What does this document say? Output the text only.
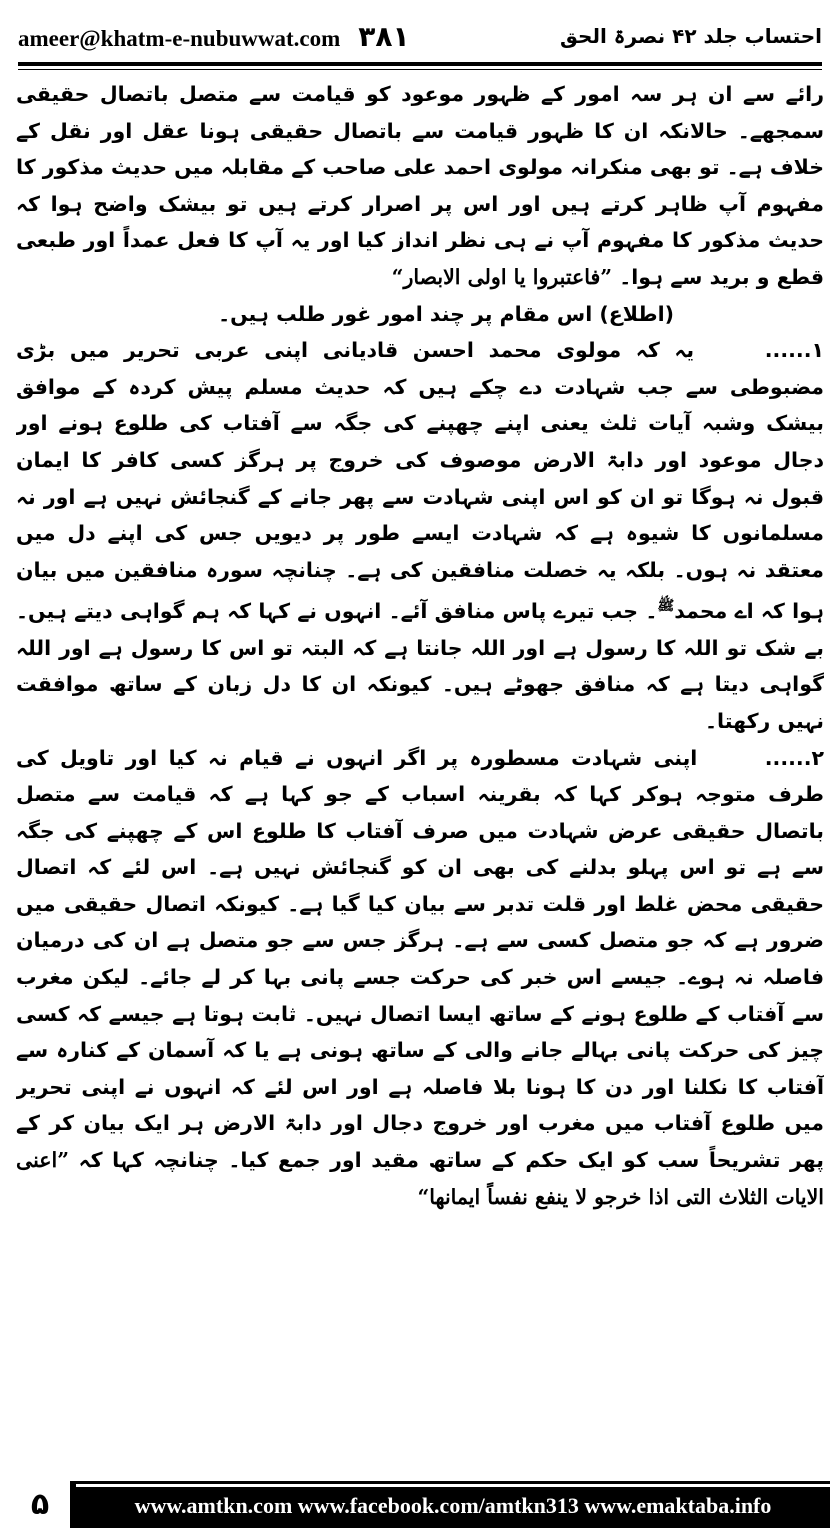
ameer@khatm-e-nubuwwat.com ۳۸۱	احتساب جلد ۴۲ نصرۃ الحق

رائے سے ان ہر سہ امور کے ظہور موعود کو قیامت سے متصل باتصال حقیقی سمجھے۔ حالانکہ ان کا ظہور قیامت سے باتصال حقیقی ہونا عقل اور نقل کے خلاف ہے۔ تو بھی منکرانہ مولوی احمد علی صاحب کے مقابلہ میں حدیث مذکور کا مفہوم آپ ظاہر کرتے ہیں اور اس پر اصرار کرتے ہیں تو بیشک واضح ہوا کہ حدیث مذکور کا مفہوم آپ نے ہی نظر انداز کیا اور یہ آپ کا فعل عمداً اور طبعی قطع و برید سے ہوا۔ ”فاعتبروا یا اولی الابصار“

(اطلاع) اس مقام پر چند امور غور طلب ہیں۔

۱...... یہ کہ مولوی محمد احسن قادیانی اپنی عربی تحریر میں بڑی مضبوطی سے جب شہادت دے چکے ہیں کہ حدیث مسلم پیش کردہ کے موافق بیشک وشبہ آیات ثلث یعنی اپنے چھپنے کی جگہ سے آفتاب کی طلوع ہونے اور دجال موعود اور دابۃ الارض موصوف کی خروج پر ہرگز کسی کافر کا ایمان قبول نہ ہوگا تو ان کو اس اپنی شہادت سے پھر جانے کے گنجائش نہیں ہے اور نہ مسلمانوں کا شیوہ ہے کہ شہادت ایسے طور پر دیویں جس کی اپنے دل میں معتقد نہ ہوں۔ بلکہ یہ خصلت منافقین کی ہے۔ چنانچہ سورہ منافقین میں بیان ہوا کہ اے محمد$^ﷺ$۔ جب تیرے پاس منافق آئے۔ انہوں نے کہا کہ ہم گواہی دیتے ہیں۔ بے شک تو اللہ کا رسول ہے اور اللہ جانتا ہے کہ البتہ تو اس کا رسول ہے اور اللہ گواہی دیتا ہے کہ منافق جھوٹے ہیں۔ کیونکہ ان کا دل زبان کے ساتھ موافقت نہیں رکھتا۔

۲...... اپنی شہادت مسطورہ پر اگر انہوں نے قیام نہ کیا اور تاویل کی طرف متوجہ ہوکر کہا کہ بقرینہ اسباب کے جو کہا ہے کہ قیامت سے متصل باتصال حقیقی عرض شہادت میں صرف آفتاب کا طلوع اس کے چھپنے کی جگہ سے ہے تو اس پہلو بدلنے کی بھی ان کو گنجائش نہیں ہے۔ اس لئے کہ اتصال حقیقی محض غلط اور قلت تدبر سے بیان کیا گیا ہے۔ کیونکہ اتصال حقیقی میں ضرور ہے کہ جو متصل کسی سے ہے۔ ہرگز جس سے جو متصل ہے ان کی درمیان فاصلہ نہ ہوے۔ جیسے اس خبر کی حرکت جسے پانی بہا کر لے جائے۔ لیکن مغرب سے آفتاب کے طلوع ہونے کے ساتھ ایسا اتصال نہیں۔ ثابت ہوتا ہے جیسے کہ کسی چیز کی حرکت پانی بہالے جانے والی کے ساتھ ہونی ہے یا کہ آسمان کے کنارہ سے آفتاب کا نکلنا اور دن کا ہونا بلا فاصلہ ہے اور اس لئے کہ انہوں نے اپنی تحریر میں طلوع آفتاب میں مغرب اور خروج دجال اور دابۃ الارض ہر ایک بیان کر کے پھر تشریحاً سب کو ایک حکم کے ساتھ مقید اور جمع کیا۔ چنانچہ کہا کہ ”اعنی الایات الثلاث التی اذا خرجو لا ینفع نفساً ایمانها“

۵	www.amtkn.com www.facebook.com/amtkn313 www.emaktaba.info
